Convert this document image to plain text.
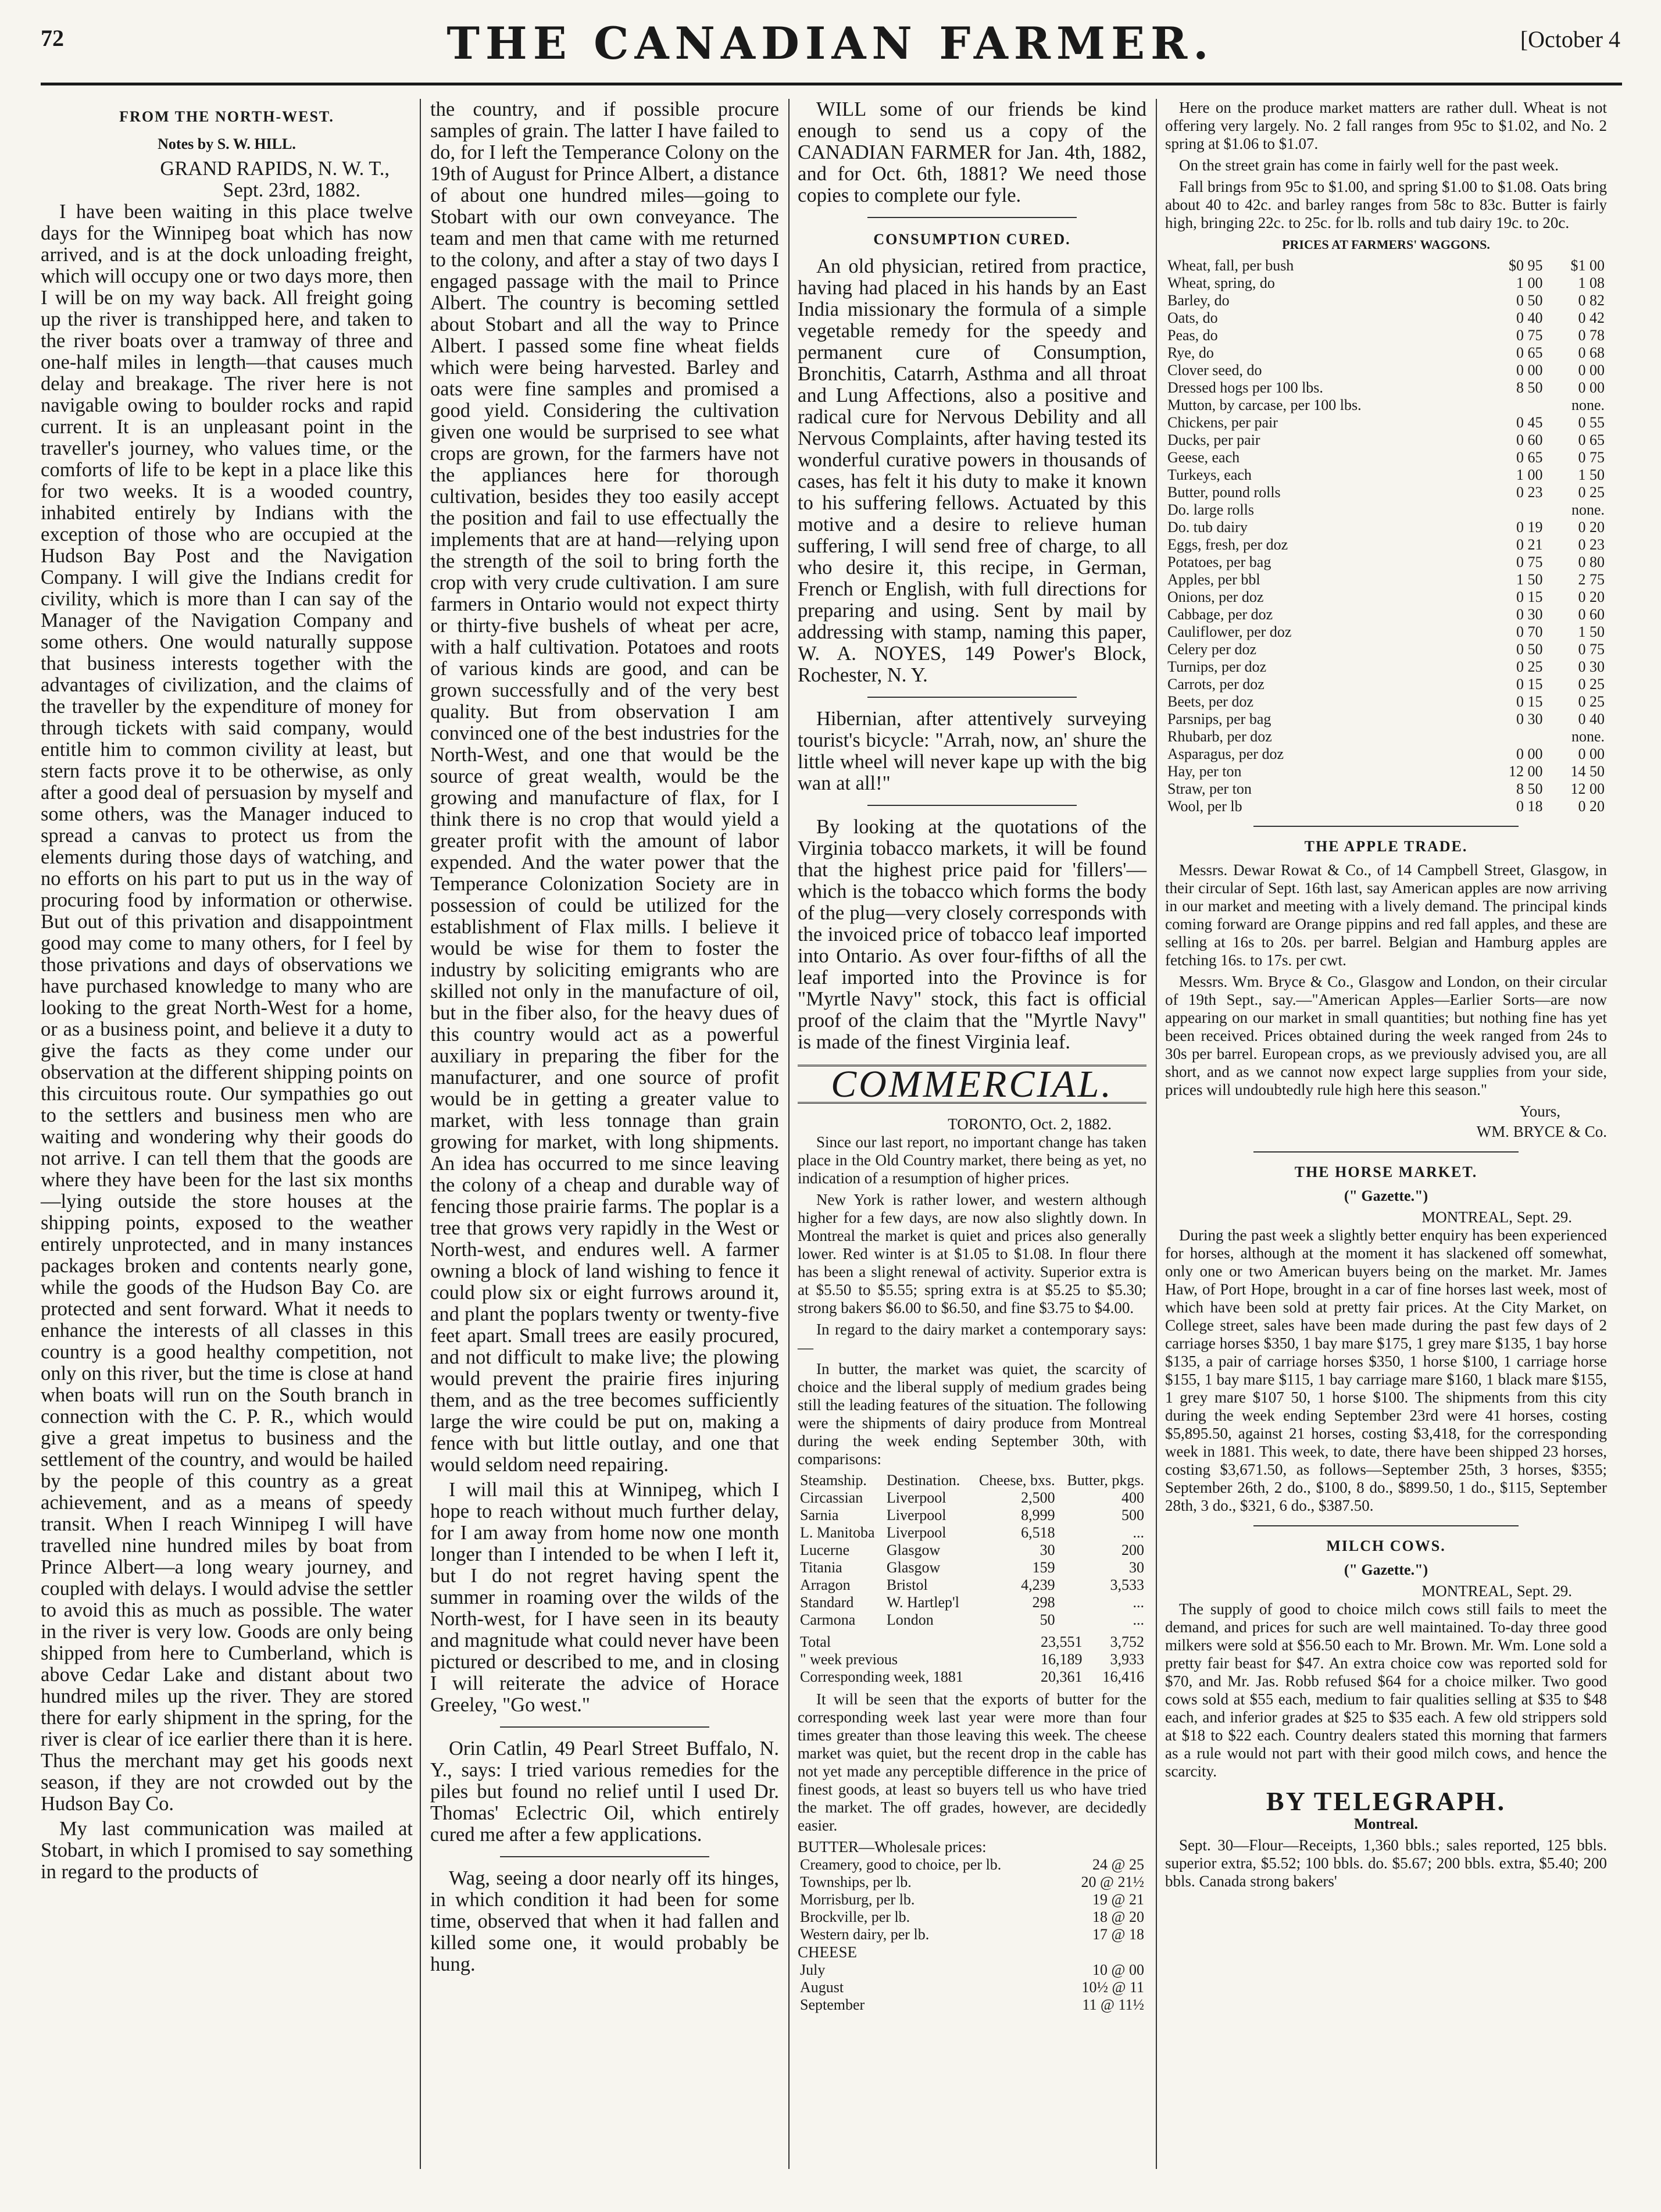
72	THE CANADIAN FARMER.	[October 4
FROM THE NORTH-WEST.
Notes by S. W. HILL.
GRAND RAPIDS, N. W. T.,
Sept. 23rd, 1882.

I have been waiting in this place twelve days for the Winnipeg boat which has now arrived, and is at the dock unloading freight, which will occupy one or two days more, then I will be on my way back. All freight going up the river is transhipped here, and taken to the river boats over a tramway of three and one-half miles in length—that causes much delay and breakage. The river here is not navigable owing to boulder rocks and rapid current. It is an unpleasant point in the traveller's journey, who values time, or the comforts of life to be kept in a place like this for two weeks. It is a wooded country, inhabited entirely by Indians with the exception of those who are occupied at the Hudson Bay Post and the Navigation Company. I will give the Indians credit for civility, which is more than I can say of the Manager of the Navigation Company and some others. One would naturally suppose that business interests together with the advantages of civilization, and the claims of the traveller by the expenditure of money for through tickets with said company, would entitle him to common civility at least, but stern facts prove it to be otherwise, as only after a good deal of persuasion by myself and some others, was the Manager induced to spread a canvas to protect us from the elements during those days of watching, and no efforts on his part to put us in the way of procuring food by information or otherwise. But out of this privation and disappointment good may come to many others, for I feel by those privations and days of observations we have purchased knowledge to many who are looking to the great North-West for a home, or as a business point, and believe it a duty to give the facts as they come under our observation at the different shipping points on this circuitous route. Our sympathies go out to the settlers and business men who are waiting and wondering why their goods do not arrive. I can tell them that the goods are where they have been for the last six months—lying outside the store houses at the shipping points, exposed to the weather entirely unprotected, and in many instances packages broken and contents nearly gone, while the goods of the Hudson Bay Co. are protected and sent forward. What it needs to enhance the interests of all classes in this country is a good healthy competition, not only on this river, but the time is close at hand when boats will run on the South branch in connection with the C. P. R., which would give a great impetus to business and the settlement of the country, and would be hailed by the people of this country as a great achievement, and as a means of speedy transit. When I reach Winnipeg I will have travelled nine hundred miles by boat from Prince Albert—a long weary journey, and coupled with delays. I would advise the settler to avoid this as much as possible. The water in the river is very low. Goods are only being shipped from here to Cumberland, which is above Cedar Lake and distant about two hundred miles up the river. They are stored there for early shipment in the spring, for the river is clear of ice earlier there than it is here. Thus the merchant may get his goods next season, if they are not crowded out by the Hudson Bay Co.

My last communication was mailed at Stobart, in which I promised to say something in regard to the products of

the country, and if possible procure samples of grain. The latter I have failed to do, for I left the Temperance Colony on the 19th of August for Prince Albert, a distance of about one hundred miles—going to Stobart with our own conveyance. The team and men that came with me returned to the colony, and after a stay of two days I engaged passage with the mail to Prince Albert. The country is becoming settled about Stobart and all the way to Prince Albert. I passed some fine wheat fields which were being harvested. Barley and oats were fine samples and promised a good yield. Considering the cultivation given one would be surprised to see what crops are grown, for the farmers have not the appliances here for thorough cultivation, besides they too easily accept the position and fail to use effectually the implements that are at hand—relying upon the strength of the soil to bring forth the crop with very crude cultivation. I am sure farmers in Ontario would not expect thirty or thirty-five bushels of wheat per acre, with a half cultivation. Potatoes and roots of various kinds are good, and can be grown successfully and of the very best quality. But from observation I am convinced one of the best industries for the North-West, and one that would be the source of great wealth, would be the growing and manufacture of flax, for I think there is no crop that would yield a greater profit with the amount of labor expended. And the water power that the Temperance Colonization Society are in possession of could be utilized for the establishment of Flax mills. I believe it would be wise for them to foster the industry by soliciting emigrants who are skilled not only in the manufacture of oil, but in the fiber also, for the heavy dues of this country would act as a powerful auxiliary in preparing the fiber for the manufacturer, and one source of profit would be in getting a greater value to market, with less tonnage than grain growing for market, with long shipments. An idea has occurred to me since leaving the colony of a cheap and durable way of fencing those prairie farms. The poplar is a tree that grows very rapidly in the West or North-west, and endures well. A farmer owning a block of land wishing to fence it could plow six or eight furrows around it, and plant the poplars twenty or twenty-five feet apart. Small trees are easily procured, and not difficult to make live; the plowing would prevent the prairie fires injuring them, and as the tree becomes sufficiently large the wire could be put on, making a fence with but little outlay, and one that would seldom need repairing.

I will mail this at Winnipeg, which I hope to reach without much further delay, for I am away from home now one month longer than I intended to be when I left it, but I do not regret having spent the summer in roaming over the wilds of the North-west, for I have seen in its beauty and magnitude what could never have been pictured or described to me, and in closing I will reiterate the advice of Horace Greeley, "Go west."

Orin Catlin, 49 Pearl Street Buffalo, N. Y., says: I tried various remedies for the piles but found no relief until I used Dr. Thomas' Eclectric Oil, which entirely cured me after a few applications.

Wag, seeing a door nearly off its hinges, in which condition it had been for some time, observed that when it had fallen and killed some one, it would probably be hung.

WILL some of our friends be kind enough to send us a copy of the CANADIAN FARMER for Jan. 4th, 1882, and for Oct. 6th, 1881? We need those copies to complete our fyle.

CONSUMPTION CURED.

An old physician, retired from practice, having had placed in his hands by an East India missionary the formula of a simple vegetable remedy for the speedy and permanent cure of Consumption, Bronchitis, Catarrh, Asthma and all throat and Lung Affections, also a positive and radical cure for Nervous Debility and all Nervous Complaints, after having tested its wonderful curative powers in thousands of cases, has felt it his duty to make it known to his suffering fellows. Actuated by this motive and a desire to relieve human suffering, I will send free of charge, to all who desire it, this recipe, in German, French or English, with full directions for preparing and using. Sent by mail by addressing with stamp, naming this paper, W. A. NOYES, 149 Power's Block, Rochester, N. Y.

Hibernian, after attentively surveying tourist's bicycle: "Arrah, now, an' shure the little wheel will never kape up with the big wan at all!"

By looking at the quotations of the Virginia tobacco markets, it will be found that the highest price paid for 'fillers'—which is the tobacco which forms the body of the plug—very closely corresponds with the invoiced price of tobacco leaf imported into Ontario. As over four-fifths of all the leaf imported into the Province is for "Myrtle Navy" stock, this fact is official proof of the claim that the "Myrtle Navy" is made of the finest Virginia leaf.

COMMERCIAL.
TORONTO, Oct. 2, 1882.

Since our last report, no important change has taken place in the Old Country market, there being as yet, no indication of a resumption of higher prices.

New York is rather lower, and western although higher for a few days, are now also slightly down. In Montreal the market is quiet and prices also generally lower. Red winter is at $1.05 to $1.08. In flour there has been a slight renewal of activity. Superior extra is at $5.50 to $5.55; spring extra is at $5.25 to $5.30; strong bakers $6.00 to $6.50, and fine $3.75 to $4.00.

In regard to the dairy market a contemporary says:—

In butter, the market was quiet, the scarcity of choice and the liberal supply of medium grades being still the leading features of the situation. The following were the shipments of dairy produce from Montreal during the week ending September 30th, with comparisons:

Steamship.	Destination.	Cheese, bxs.	Butter, pkgs.
Circassian	Liverpool	2,500	400
Sarnia	Liverpool	8,999	500
L. Manitoba	Liverpool	6,518	...
Lucerne	Glasgow	30	200
Titania	Glasgow	159	30
Arragon	Bristol	4,239	3,533
Standard	W. Hartlep'l	298	...
Carmona	London	50	...
Total	23,551	3,752
" week previous	16,189	3,933
Corresponding week, 1881	20,361	16,416

It will be seen that the exports of butter for the corresponding week last year were more than four times greater than those leaving this week. The cheese market was quiet, but the recent drop in the cable has not yet made any perceptible difference in the price of finest goods, at least so buyers tell us who have tried the market. The off grades, however, are decidedly easier.

BUTTER—Wholesale prices:
Creamery, good to choice, per lb.	24 @ 25
Townships, per lb.	20 @ 21½
Morrisburg, per lb.	19 @ 21
Brockville, per lb.	18 @ 20
Western dairy, per lb.	17 @ 18
CHEESE
July	10 @ 00
August	10½ @ 11
September	11 @ 11½

Here on the produce market matters are rather dull. Wheat is not offering very largely. No. 2 fall ranges from 95c to $1.02, and No. 2 spring at $1.06 to $1.07.

On the street grain has come in fairly well for the past week.

Fall brings from 95c to $1.00, and spring $1.00 to $1.08. Oats bring about 40 to 42c. and barley ranges from 58c to 83c. Butter is fairly high, bringing 22c. to 25c. for lb. rolls and tub dairy 19c. to 20c.

PRICES AT FARMERS' WAGGONS.
Wheat, fall, per bush	$0 95	$1 00
Wheat, spring, do	1 00	1 08
Barley, do	0 50	0 82
Oats, do	0 40	0 42
Peas, do	0 75	0 78
Rye, do	0 65	0 68
Clover seed, do	0 00	0 00
Dressed hogs per 100 lbs.	8 50	0 00
Mutton, by carcase, per 100 lbs.		none.
Chickens, per pair	0 45	0 55
Ducks, per pair	0 60	0 65
Geese, each	0 65	0 75
Turkeys, each	1 00	1 50
Butter, pound rolls	0 23	0 25
Do. large rolls		none.
Do. tub dairy	0 19	0 20
Eggs, fresh, per doz	0 21	0 23
Potatoes, per bag	0 75	0 80
Apples, per bbl	1 50	2 75
Onions, per doz	0 15	0 20
Cabbage, per doz	0 30	0 60
Cauliflower, per doz	0 70	1 50
Celery per doz	0 50	0 75
Turnips, per doz	0 25	0 30
Carrots, per doz	0 15	0 25
Beets, per doz	0 15	0 25
Parsnips, per bag	0 30	0 40
Rhubarb, per doz		none.
Asparagus, per doz	0 00	0 00
Hay, per ton	12 00	14 50
Straw, per ton	8 50	12 00
Wool, per lb	0 18	0 20
THE APPLE TRADE.

Messrs. Dewar Rowat & Co., of 14 Campbell Street, Glasgow, in their circular of Sept. 16th last, say American apples are now arriving in our market and meeting with a lively demand. The principal kinds coming forward are Orange pippins and red fall apples, and these are selling at 16s to 20s. per barrel. Belgian and Hamburg apples are fetching 16s. to 17s. per cwt.

Messrs. Wm. Bryce & Co., Glasgow and London, on their circular of 19th Sept., say.—"American Apples—Earlier Sorts—are now appearing on our market in small quantities; but nothing fine has yet been received. Prices obtained during the week ranged from 24s to 30s per barrel. European crops, as we previously advised you, are all short, and as we cannot now expect large supplies from your side, prices will undoubtedly rule high here this season."

Yours,
WM. BRYCE & Co.
THE HORSE MARKET.
(" Gazette.")
MONTREAL, Sept. 29.

During the past week a slightly better enquiry has been experienced for horses, although at the moment it has slackened off somewhat, only one or two American buyers being on the market. Mr. James Haw, of Port Hope, brought in a car of fine horses last week, most of which have been sold at pretty fair prices. At the City Market, on College street, sales have been made during the past few days of 2 carriage horses $350, 1 bay mare $175, 1 grey mare $135, 1 bay horse $135, a pair of carriage horses $350, 1 horse $100, 1 carriage horse $155, 1 bay mare $115, 1 bay carriage mare $160, 1 black mare $155, 1 grey mare $107 50, 1 horse $100. The shipments from this city during the week ending September 23rd were 41 horses, costing $5,895.50, against 21 horses, costing $3,418, for the corresponding week in 1881. This week, to date, there have been shipped 23 horses, costing $3,671.50, as follows—September 25th, 3 horses, $355; September 26th, 2 do., $100, 8 do., $899.50, 1 do., $115, September 28th, 3 do., $321, 6 do., $387.50.

MILCH COWS.
(" Gazette.")
MONTREAL, Sept. 29.

The supply of good to choice milch cows still fails to meet the demand, and prices for such are well maintained. To-day three good milkers were sold at $56.50 each to Mr. Brown. Mr. Wm. Lone sold a pretty fair beast for $47. An extra choice cow was reported sold for $70, and Mr. Jas. Robb refused $64 for a choice milker. Two good cows sold at $55 each, medium to fair qualities selling at $35 to $48 each, and inferior grades at $25 to $35 each. A few old strippers sold at $18 to $22 each. Country dealers stated this morning that farmers as a rule would not part with their good milch cows, and hence the scarcity.

BY TELEGRAPH.
Montreal.

Sept. 30—Flour—Receipts, 1,360 bbls.; sales reported, 125 bbls. superior extra, $5.52; 100 bbls. do. $5.67; 200 bbls. extra, $5.40; 200 bbls. Canada strong bakers'
